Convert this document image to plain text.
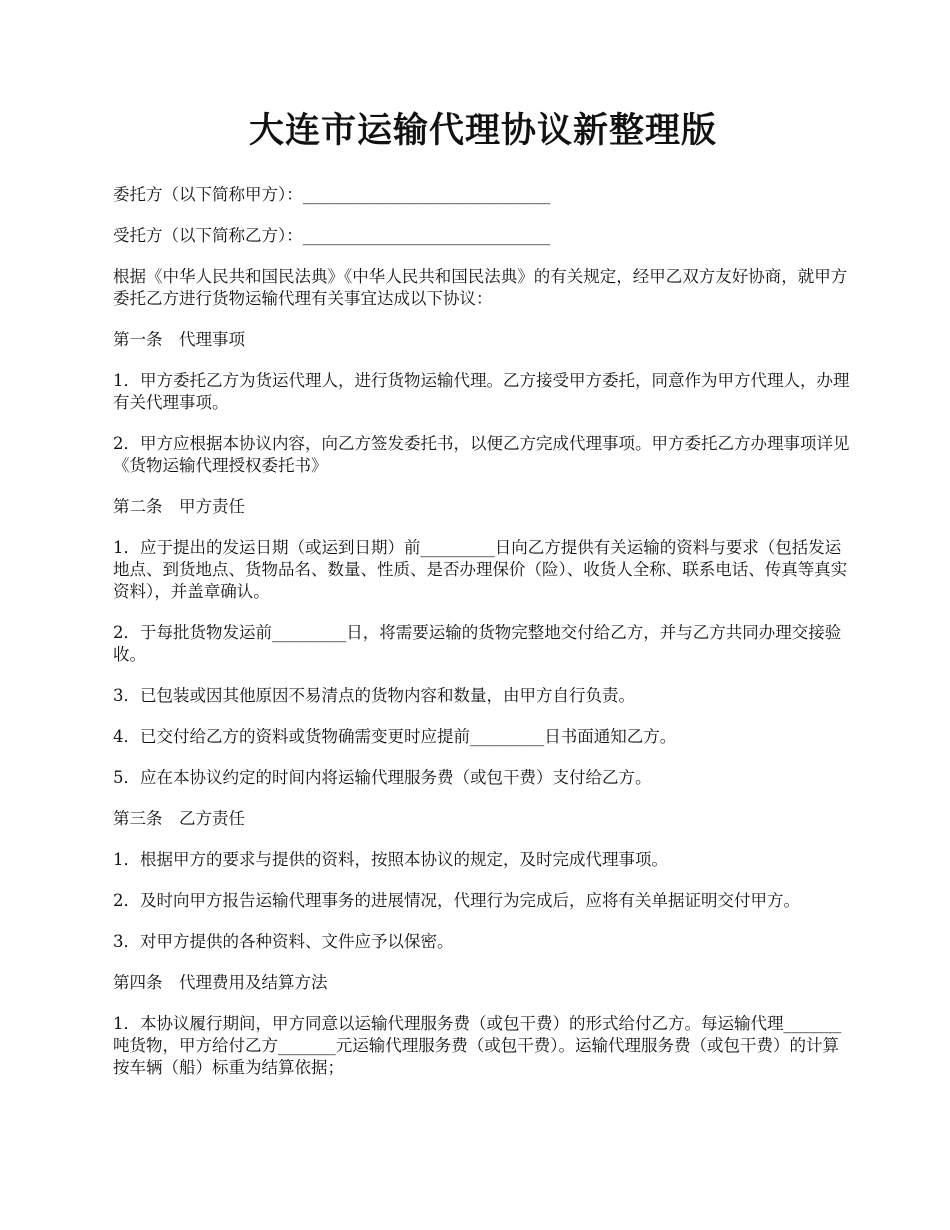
大连市运输代理协议新整理版

委托方（以下简称甲方）：______________________________

受托方（以下简称乙方）：______________________________

根据《中华人民共和国民法典》《中华人民共和国民法典》的有关规定，经甲乙双方友好协商，就甲方委托乙方进行货物运输代理有关事宜达成以下协议：

第一条　代理事项

1．甲方委托乙方为货运代理人，进行货物运输代理。乙方接受甲方委托，同意作为甲方代理人，办理有关代理事项。

2．甲方应根据本协议内容，向乙方签发委托书，以便乙方完成代理事项。甲方委托乙方办理事项详见《货物运输代理授权委托书》

第二条　甲方责任

1．应于提出的发运日期（或运到日期）前_________日向乙方提供有关运输的资料与要求（包括发运地点、到货地点、货物品名、数量、性质、是否办理保价（险）、收货人全称、联系电话、传真等真实资料），并盖章确认。

2．于每批货物发运前_________日，将需要运输的货物完整地交付给乙方，并与乙方共同办理交接验收。

3．已包装或因其他原因不易清点的货物内容和数量，由甲方自行负责。

4．已交付给乙方的资料或货物确需变更时应提前_________日书面通知乙方。

5．应在本协议约定的时间内将运输代理服务费（或包干费）支付给乙方。

第三条　乙方责任

1．根据甲方的要求与提供的资料，按照本协议的规定，及时完成代理事项。

2．及时向甲方报告运输代理事务的进展情况，代理行为完成后，应将有关单据证明交付甲方。

3．对甲方提供的各种资料、文件应予以保密。

第四条　代理费用及结算方法

1．本协议履行期间，甲方同意以运输代理服务费（或包干费）的形式给付乙方。每运输代理_______吨货物，甲方给付乙方_______元运输代理服务费（或包干费）。运输代理服务费（或包干费）的计算按车辆（船）标重为结算依据；
